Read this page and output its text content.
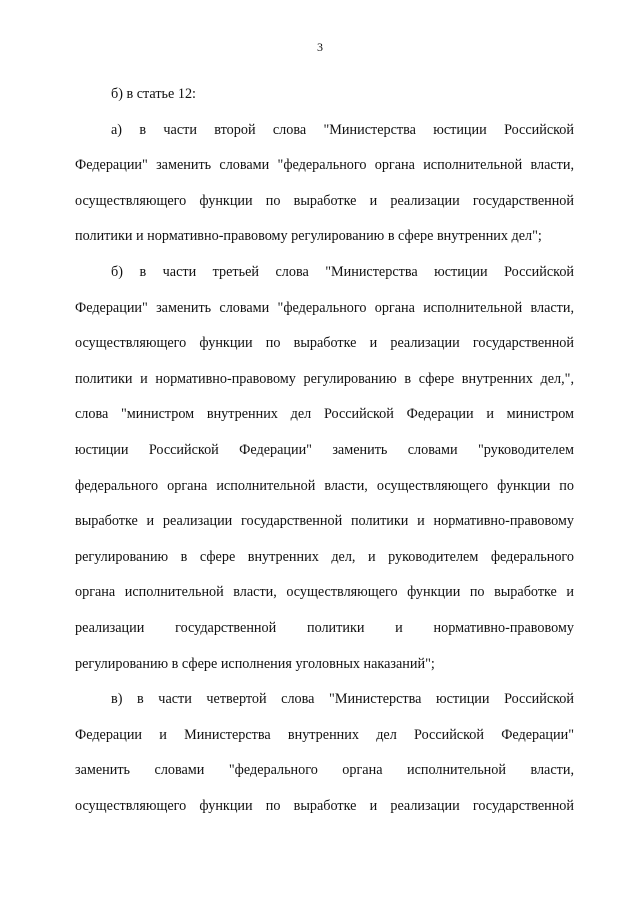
3
б) в статье 12:
а) в части второй слова "Министерства юстиции Российской
Федерации" заменить словами "федерального органа исполнительной власти,
осуществляющего функции по выработке и реализации государственной
политики и нормативно-правовому регулированию в сфере внутренних дел";
б) в части третьей слова "Министерства юстиции Российской
Федерации" заменить словами "федерального органа исполнительной власти,
осуществляющего функции по выработке и реализации государственной
политики и нормативно-правовому регулированию в сфере внутренних дел,",
слова "министром внутренних дел Российской Федерации и министром
юстиции Российской Федерации" заменить словами "руководителем
федерального органа исполнительной власти, осуществляющего функции по
выработке и реализации государственной политики и нормативно-правовому
регулированию в сфере внутренних дел, и руководителем федерального
органа исполнительной власти, осуществляющего функции по выработке и
реализации государственной политики и нормативно-правовому
регулированию в сфере исполнения уголовных наказаний";
в) в части четвертой слова "Министерства юстиции Российской
Федерации и Министерства внутренних дел Российской Федерации"
заменить словами "федерального органа исполнительной власти,
осуществляющего функции по выработке и реализации государственной
